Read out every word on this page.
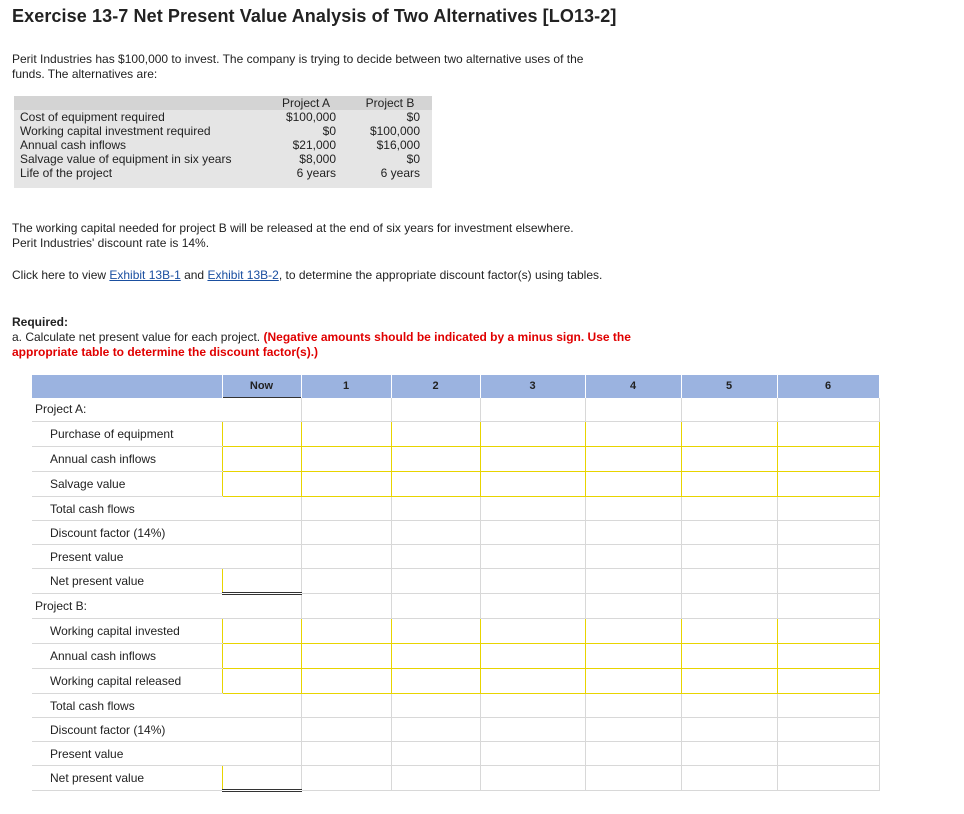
Exercise 13-7 Net Present Value Analysis of Two Alternatives [LO13-2]
Perit Industries has $100,000 to invest. The company is trying to decide between two alternative uses of the funds. The alternatives are:
	Project A	Project B
Cost of equipment required	$100,000	$0
Working capital investment required	$0	$100,000
Annual cash inflows	$21,000	$16,000
Salvage value of equipment in six years	$8,000	$0
Life of the project	6 years	6 years

The working capital needed for project B will be released at the end of six years for investment elsewhere. Perit Industries' discount rate is 14%.
Click here to view Exhibit 13B-1 and Exhibit 13B-2, to determine the appropriate discount factor(s) using tables.
Required:
a. Calculate net present value for each project. (Negative amounts should be indicated by a minus sign. Use the appropriate table to determine the discount factor(s).)
	Now	1	2	3	4	5	6
Project A:							
Purchase of equipment							
Annual cash inflows							
Salvage value							
Total cash flows							
Discount factor (14%)							
Present value							
Net present value							
Project B:							
Working capital invested							
Annual cash inflows							
Working capital released							
Total cash flows							
Discount factor (14%)							
Present value							
Net present value							
